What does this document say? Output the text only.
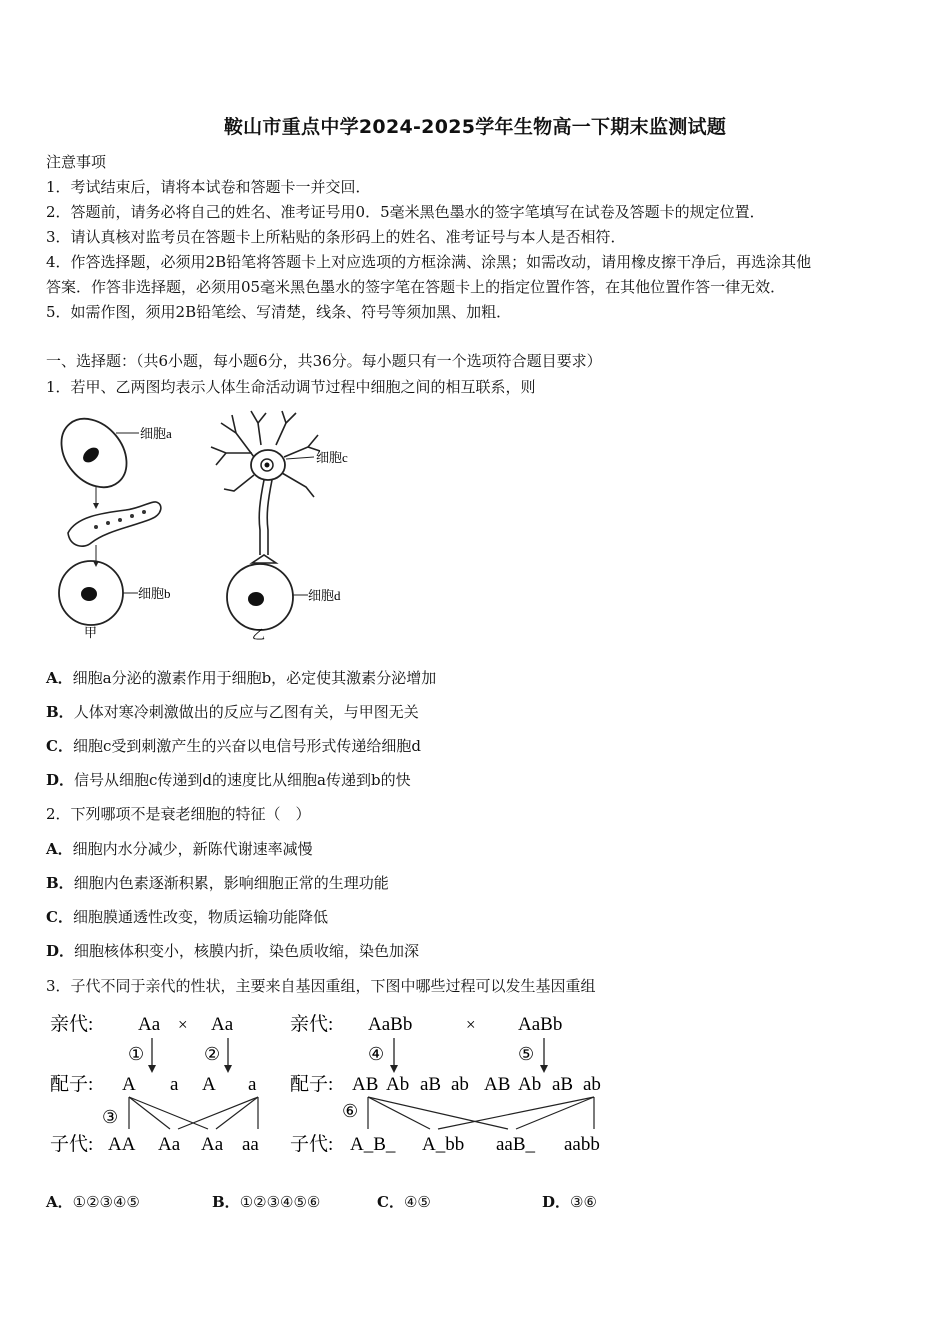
鞍山市重点中学2024-2025学年生物高一下期末监测试题
注意事项
1．考试结束后，请将本试卷和答题卡一并交回．
2．答题前，请务必将自己的姓名、准考证号用0．5毫米黑色墨水的签字笔填写在试卷及答题卡的规定位置．
3．请认真核对监考员在答题卡上所粘贴的条形码上的姓名、准考证号与本人是否相符．
4．作答选择题，必须用2B铅笔将答题卡上对应选项的方框涂满、涂黑；如需改动，请用橡皮擦干净后，再选涂其他
答案．作答非选择题，必须用05毫米黑色墨水的签字笔在答题卡上的指定位置作答，在其他位置作答一律无效．
5．如需作图，须用2B铅笔绘、写清楚，线条、符号等须加黑、加粗．
一、选择题：（共6小题，每小题6分，共36分。每小题只有一个选项符合题目要求）
1．若甲、乙两图均表示人体生命活动调节过程中细胞之间的相互联系，则
细胞a
细胞b
甲
细胞c
细胞d
乙
A．细胞a分泌的激素作用于细胞b，必定使其激素分泌增加
B．人体对寒冷刺激做出的反应与乙图有关，与甲图无关
C．细胞c受到刺激产生的兴奋以电信号形式传递给细胞d
D．信号从细胞c传递到d的速度比从细胞a传递到b的快
2．下列哪项不是衰老细胞的特征（　）
A．细胞内水分减少，新陈代谢速率减慢
B．细胞内色素逐渐积累，影响细胞正常的生理功能
C．细胞膜通透性改变，物质运输功能降低
D．细胞核体积变小，核膜内折，染色质收缩，染色加深
3．子代不同于亲代的性状，主要来自基因重组，下图中哪些过程可以发生基因重组
亲代: Aa × Aa
①	②
配子: A a A a
③
子代: AA Aa Aa aa
亲代: AaBb	× AaBb
④	⑤
配子: AB Ab aB ab AB Ab aB ab
⑥
子代: A_B_ A_bb aaB_ aabb
A．①②③④⑤	B．①②③④⑤⑥	C．④⑤	D．③⑥
